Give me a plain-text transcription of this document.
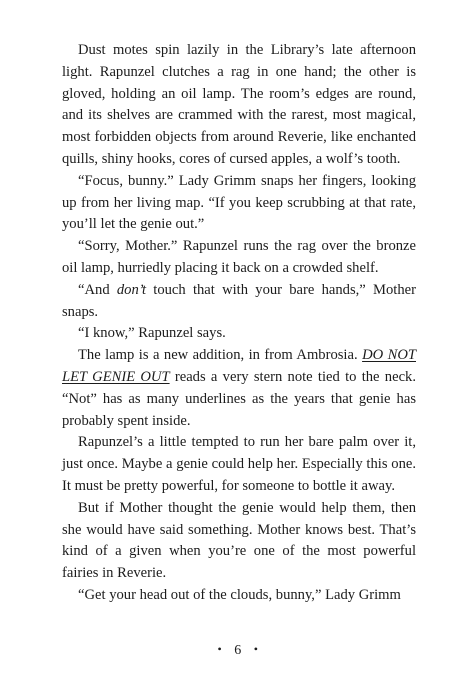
Dust motes spin lazily in the Library’s late afternoon light. Rapunzel clutches a rag in one hand; the other is gloved, holding an oil lamp. The room’s edges are round, and its shelves are crammed with the rarest, most magical, most forbidden objects from around Reverie, like enchanted quills, shiny hooks, cores of cursed apples, a wolf’s tooth.

“Focus, bunny.” Lady Grimm snaps her fingers, looking up from her living map. “If you keep scrubbing at that rate, you’ll let the genie out.”

“Sorry, Mother.” Rapunzel runs the rag over the bronze oil lamp, hurriedly placing it back on a crowded shelf.

“And don’t touch that with your bare hands,” Mother snaps.

“I know,” Rapunzel says.

The lamp is a new addition, in from Ambrosia. DO NOT LET GENIE OUT reads a very stern note tied to the neck. “Not” has as many underlines as the years that genie has probably spent inside.

Rapunzel’s a little tempted to run her bare palm over it, just once. Maybe a genie could help her. Especially this one. It must be pretty powerful, for someone to bottle it away.

But if Mother thought the genie would help them, then she would have said something. Mother knows best. That’s kind of a given when you’re one of the most powerful fairies in Reverie.

“Get your head out of the clouds, bunny,” Lady Grimm

• 6 •
